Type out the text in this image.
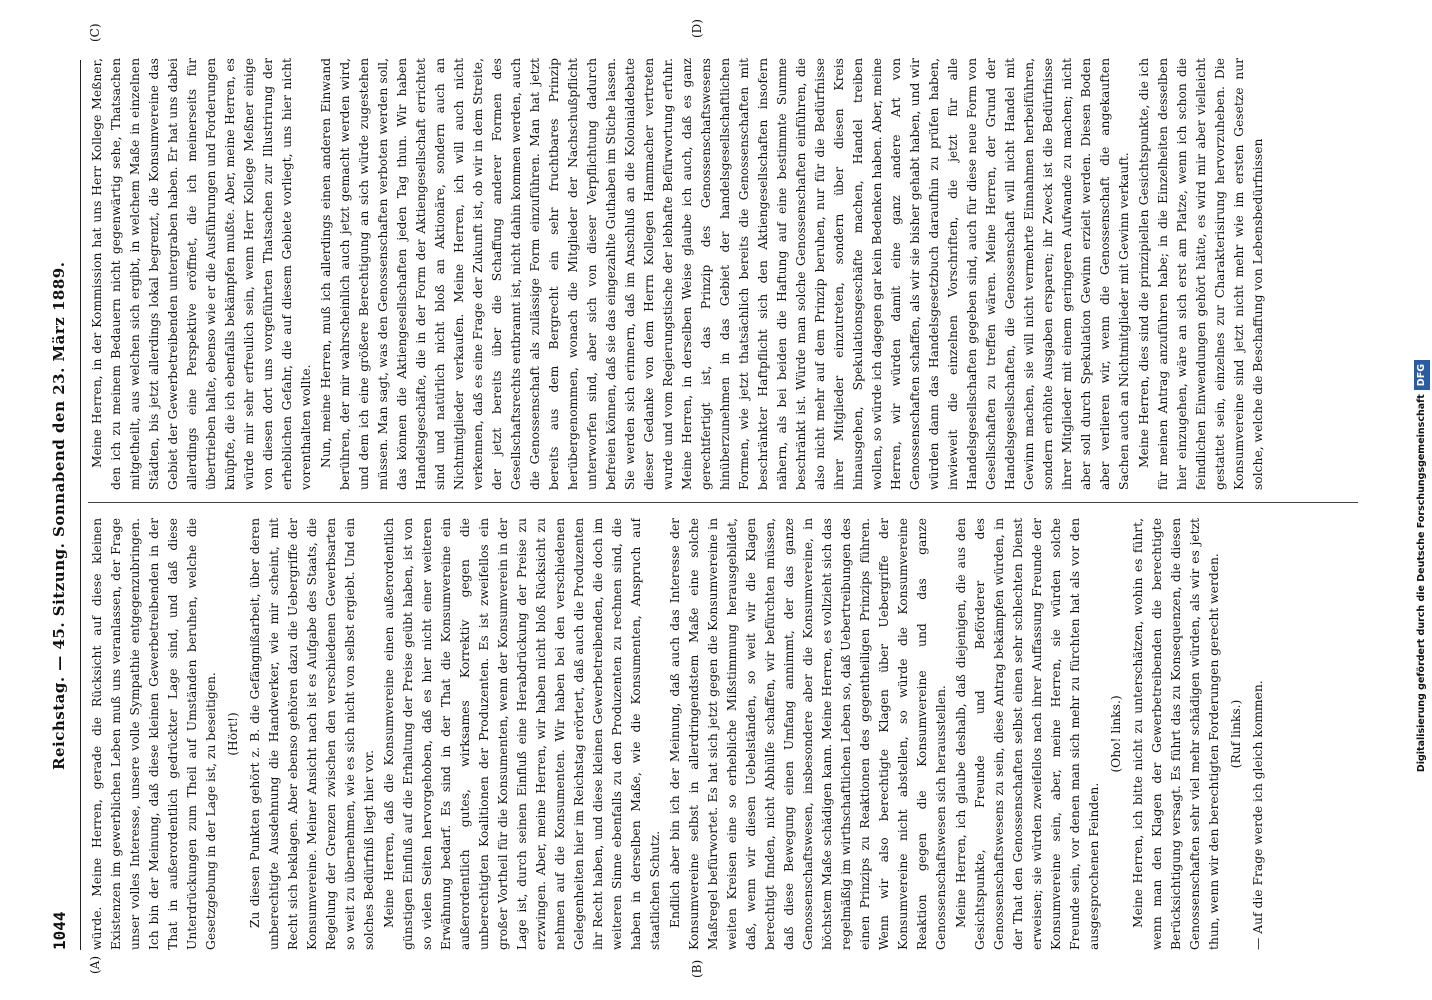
1044
Reichstag. — 45. Sitzung. Sonnabend den 23. März 1889.
(A)	(B)
(C)	(D)

würde. Meine Herren, gerade die Rücksicht auf diese kleinen Existenzen im gewerblichen Leben muß uns veranlassen, der Frage unser volles Interesse, unsere volle Sympathie entgegenzubringen. Ich bin der Meinung, daß diese kleinen Gewerbetreibenden in der That in außerordentlich gedrückter Lage sind, und daß diese Unterdrückungen zum Theil auf Umständen beruhen, welche die Gesetzgebung in der Lage ist, zu beseitigen. (Hört!) Zu diesen Punkten gehört z. B. die Gefängnißarbeit, über deren unberechtigte Ausdehnung die Handwerker, wie mir scheint, mit Recht sich beklagen. Aber ebenso gehören dazu die Uebergriffe der Konsumvereine. Meiner Ansicht nach ist es Aufgabe des Staats, die Regelung der Grenzen zwischen den verschiedenen Gewerbsarten so weit zu übernehmen, wie es sich nicht von selbst ergiebt. Und ein solches Bedürfniß liegt hier vor. Meine Herren, daß die Konsumvereine einen außerordentlich günstigen Einfluß auf die Erhaltung der Preise geübt haben, ist von so vielen Seiten hervorgehoben, daß es hier nicht einer weiteren Erwähnung bedarf. Es sind in der That die Konsumvereine ein außerordentlich gutes, wirksames Korrektiv gegen die unberechtigten Koalitionen der Produzenten. Es ist zweifellos ein großer Vortheil für die Konsumenten, wenn der Konsumverein in der Lage ist, durch seinen Einfluß eine Herabdrückung der Preise zu erzwingen. Aber, meine Herren, wir haben nicht bloß Rücksicht zu nehmen auf die Konsumenten. Wir haben bei den verschiedenen Gelegenheiten hier im Reichstag erörtert, daß auch die Produzenten ihr Recht haben, und diese kleinen Gewerbetreibenden, die doch im weiteren Sinne ebenfalls zu den Produzenten zu rechnen sind, die haben in derselben Maße, wie die Konsumenten, Anspruch auf staatlichen Schutz. Endlich aber bin ich der Meinung, daß auch das Interesse der Konsumvereine selbst in allerdringendstem Maße eine solche Maßregel befürwortet. Es hat sich jetzt gegen die Konsumvereine in weiten Kreisen eine so erhebliche Mißstimmung herausgebildet, daß, wenn wir diesen Uebelständen, so weit wir die Klagen berechtigt finden, nicht Abhülfe schaffen, wir befürchten müssen, daß diese Bewegung einen Umfang annimmt, der das ganze Genossenschaftswesen, insbesondere aber die Konsumvereine, in höchstem Maße schädigen kann. Meine Herren, es vollzieht sich das regelmäßig im wirthschaftlichen Leben so, daß Uebertreibungen des einen Prinzips zu Reaktionen des gegentheiligen Prinzips führen. Wenn wir also berechtigte Klagen über Uebergriffe der Konsumvereine nicht abstellen, so würde die Konsumvereine Reaktion gegen die Konsumvereine und das ganze Genossenschaftswesen sich herausstellen. Meine Herren, ich glaube deshalb, daß diejenigen, die aus den Gesichtspunkte, Freunde und Beförderer des Genossenschaftswesens zu sein, diese Antrag bekämpfen würden, in der That den Genossenschaften selbst einen sehr schlechten Dienst erweisen; sie würden zweifellos nach ihrer Auffassung Freunde der Konsumvereine sein, aber, meine Herren, sie würden solche Freunde sein, vor denen man sich mehr zu fürchten hat als vor den ausgesprochenen Feinden.

(Oho! links.) Meine Herren, ich bitte nicht zu unterschätzen, wohin es führt, wenn man den Klagen der Gewerbetreibenden die berechtigte Berücksichtigung versagt. Es führt das zu Konsequenzen, die diesen Genossenschaften sehr viel mehr schädigen würden, als wir es jetzt thun, wenn wir den berechtigten Forderungen gerecht werden. (Ruf links.) — Auf die Frage werde ich gleich kommen.

Meine Herren, in der Kommission hat uns Herr Kollege Meßner, den ich zu meinem Bedauern nicht gegenwärtig sehe, Thatsachen mitgetheilt, aus welchen sich ergibt, in welchem Maße in einzelnen Städten, bis jetzt allerdings lokal begrenzt, die Konsumvereine das Gebiet der Gewerbetreibenden untergraben haben. Er hat uns dabei allerdings eine Perspektive eröffnet, die ich meinerseits für übertrieben halte, ebenso wie er die Ausführungen und Forderungen knüpfte, die ich ebenfalls bekämpfen mußte. Aber, meine Herren, es würde mir sehr erfreulich sein, wenn Herr Kollege Meßner einige von diesen dort uns vorgeführten Thatsachen zur Illustrirung der erheblichen Gefahr, die auf diesem Gebiete vorliegt, uns hier nicht vorenthalten wollte. Nun, meine Herren, muß ich allerdings einen anderen Einwand berühren, der mir wahrscheinlich auch jetzt gemacht werden wird, und dem ich eine größere Berechtigung an sich würde zugestehen müssen. Man sagt, was den Genossenschaften verboten werden soll, das können die Aktiengesellschaften jeden Tag thun. Wir haben Handelsgeschäfte, die in der Form der Aktiengesellschaft errichtet sind und natürlich nicht bloß an Aktionäre, sondern auch an Nichtmitglieder verkaufen. Meine Herren, ich will auch nicht verkennen, daß es eine Frage der Zukunft ist, ob wir in dem Streite, der jetzt bereits über die Schaffung anderer Formen des Gesellschaftsrechts entbrannt ist, nicht dahin kommen werden, auch die Genossenschaft als zulässige Form einzuführen. Man hat jetzt bereits aus dem Bergrecht ein sehr fruchtbares Prinzip herübergenommen, wonach die Mitglieder der Nachschußpflicht unterworfen sind, aber sich von dieser Verpflichtung dadurch befreien können, daß sie das eingezahlte Guthaben im Stiche lassen. Sie werden sich erinnern, daß im Anschluß an die Kolonialdebatte dieser Gedanke von dem Herrn Kollegen Hammacher vertreten wurde und vom Regierungstische der lebhafte Befürwortung erfuhr. Meine Herren, in derselben Weise glaube ich auch, daß es ganz gerechtfertigt ist, das Prinzip des Genossenschaftswesens hinüberzunehmen in das Gebiet der handelsgesellschaftlichen Formen, wie jetzt thatsächlich bereits die Genossenschaften mit beschränkter Haftpflicht sich den Aktiengesellschaften insofern nähern, als bei beiden die Haftung auf eine bestimmte Summe beschränkt ist. Würde man solche Genossenschaften einführen, die also nicht mehr auf dem Prinzip beruhen, nur für die Bedürfnisse ihrer Mitglieder einzutreten, sondern über diesen Kreis hinausgehen, Spekulationsgeschäfte machen, Handel treiben wollen, so würde ich dagegen gar kein Bedenken haben. Aber, meine Herren, wir würden damit eine ganz andere Art von Genossenschaften schaffen, als wir sie bisher gehabt haben, und wir würden dann das Handelsgesetzbuch daraufhin zu prüfen haben, inwieweit die einzelnen Vorschriften, die jetzt für alle Handelsgesellschaften gegeben sind, auch für diese neue Form von Gesellschaften zu treffen wären. Meine Herren, der Grund der Handelsgesellschaften, die Genossenschaft will nicht Handel mit Gewinn machen, sie will nicht vermehrte Einnahmen herbeiführen, sondern erhöhte Ausgaben ersparen; ihr Zweck ist die Bedürfnisse ihrer Mitglieder mit einem geringeren Aufwande zu machen; nicht aber soll durch Spekulation Gewinn erzielt werden. Diesen Boden aber verlieren wir, wenn die Genossenschaft die angekauften Sachen auch an Nichtmitglieder mit Gewinn verkauft. Meine Herren, dies sind die prinzipiellen Gesichtspunkte, die ich für meinen Antrag anzuführen habe; in die Einzelheiten desselben hier einzugehen, wäre an sich erst am Platze, wenn ich schon die feindlichen Einwendungen gehört hätte, es wird mir aber vielleicht gestattet sein, einzelnes zur Charakterisirung hervorzuheben. Die Konsumvereine sind jetzt nicht mehr wie im ersten Gesetze nur solche, welche die Beschaffung von Lebensbedürfnissen

Digitalisierung gefördert durch die Deutsche ForschungsgemeinschaftDFG
